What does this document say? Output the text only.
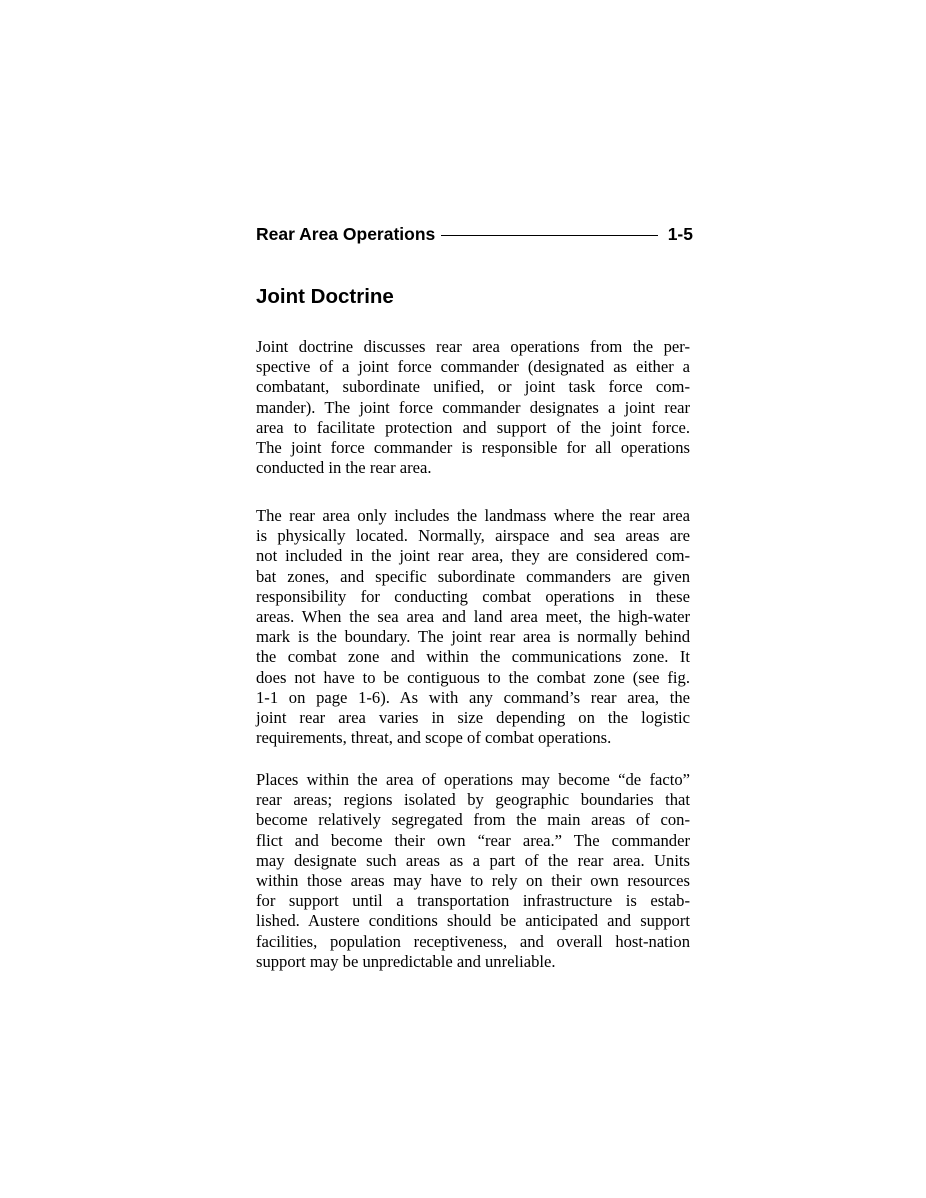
Rear Area Operations	1-5
Joint Doctrine

Joint doctrine discusses rear area operations from the per-
spective of a joint force commander (designated as either a
combatant, subordinate unified, or joint task force com-
mander). The joint force commander designates a joint rear
area to facilitate protection and support of the joint force.
The joint force commander is responsible for all operations
conducted in the rear area.

The rear area only includes the landmass where the rear area
is physically located. Normally, airspace and sea areas are
not included in the joint rear area, they are considered com-
bat zones, and specific subordinate commanders are given
responsibility for conducting combat operations in these
areas. When the sea area and land area meet, the high-water
mark is the boundary. The joint rear area is normally behind
the combat zone and within the communications zone. It
does not have to be contiguous to the combat zone (see fig.
1-1 on page 1-6). As with any command’s rear area, the
joint rear area varies in size depending on the logistic
requirements, threat, and scope of combat operations.

Places within the area of operations may become “de facto”
rear areas; regions isolated by geographic boundaries that
become relatively segregated from the main areas of con-
flict and become their own “rear area.” The commander
may designate such areas as a part of the rear area. Units
within those areas may have to rely on their own resources
for support until a transportation infrastructure is estab-
lished. Austere conditions should be anticipated and support
facilities, population receptiveness, and overall host-nation
support may be unpredictable and unreliable.
